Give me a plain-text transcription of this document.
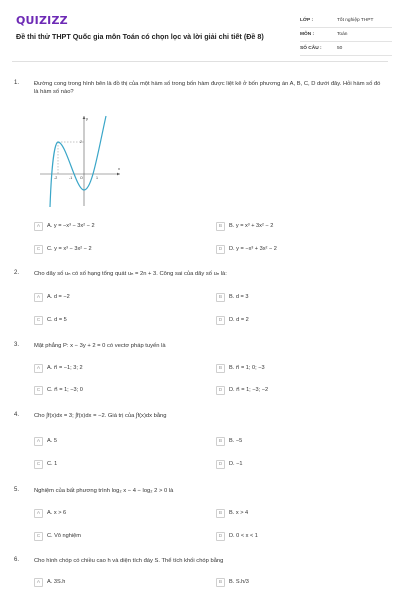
QUIZIZZ
Đề thi thử THPT Quốc gia môn Toán có chọn lọc và lời giải chi tiết (Đề 8)
LỚP :	Tốt nghiệp THPT
MÔN :	Toán
SỐ CÂU :	50
1.	Đường cong trong hình bên là đồ thị của một hàm số trong bốn hàm được liệt kê ở bốn phương án A, B, C, D dưới đây. Hỏi hàm số đó là hàm số nào?
y
x
2
-2	-1 O	1
A	A. y = −x³ − 3x² − 2	B	B. y = x³ + 3x² − 2
C	C. y = x³ − 3x² − 2	D	D. y = −x³ + 3x² − 2
2.	Cho dãy số uₙ có số hạng tổng quát uₙ = 2n + 3. Công sai của dãy số uₙ là:
A	A. d = −2	B	B. d = 3
C	C. d = 5	D	D. d = 2
3.	Mặt phẳng P: x − 3y + 2 = 0 có vectơ pháp tuyến là
A	A. n⃗ = −1; 3; 2	B	B. n⃗ = 1; 0; −3
C	C. n⃗ = 1; −3; 0	D	D. n⃗ = 1; −3; −2
4.	Cho ∫f(x)dx = 3; ∫f(x)dx = −2. Giá trị của ∫f(x)dx bằng
A	A. 5	B	B. −5
C	C. 1	D	D. −1
5.	Nghiệm của bất phương trình log₂ x − 4 − log₂ 2 > 0 là
A	A. x > 6	B	B. x > 4
C	C. Vô nghiệm	D	D. 0 < x < 1
6.	Cho hình chóp có chiều cao h và diện tích đáy S. Thể tích khối chóp bằng
A	A. 3S.h	B	B. S.h/3
